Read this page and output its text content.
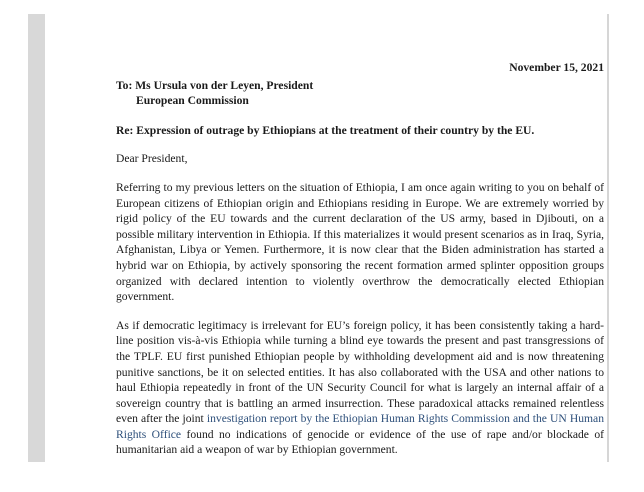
November 15, 2021
To: Ms Ursula von der Leyen, President
European Commission
Re: Expression of outrage by Ethiopians at the treatment of their country by the EU.
Dear President,

Referring to my previous letters on the situation of Ethiopia, I am once again writing to you on behalf of European citizens of Ethiopian origin and Ethiopians residing in Europe. We are extremely worried by rigid policy of the EU towards and the current declaration of the US army, based in Djibouti, on a possible military intervention in Ethiopia. If this materializes it would present scenarios as in Iraq, Syria, Afghanistan, Libya or Yemen. Furthermore, it is now clear that the Biden administration has started a hybrid war on Ethiopia, by actively sponsoring the recent formation armed splinter opposition groups organized with declared intention to violently overthrow the democratically elected Ethiopian government.

As if democratic legitimacy is irrelevant for EU’s foreign policy, it has been consistently taking a hard-line position vis-à-vis Ethiopia while turning a blind eye towards the present and past transgressions of the TPLF. EU first punished Ethiopian people by withholding development aid and is now threatening punitive sanctions, be it on selected entities. It has also collaborated with the USA and other nations to haul Ethiopia repeatedly in front of the UN Security Council for what is largely an internal affair of a sovereign country that is battling an armed insurrection. These paradoxical attacks remained relentless even after the joint investigation report by the Ethiopian Human Rights Commission and the UN Human Rights Office found no indications of genocide or evidence of the use of rape and/or blockade of humanitarian aid a weapon of war by Ethiopian government.
